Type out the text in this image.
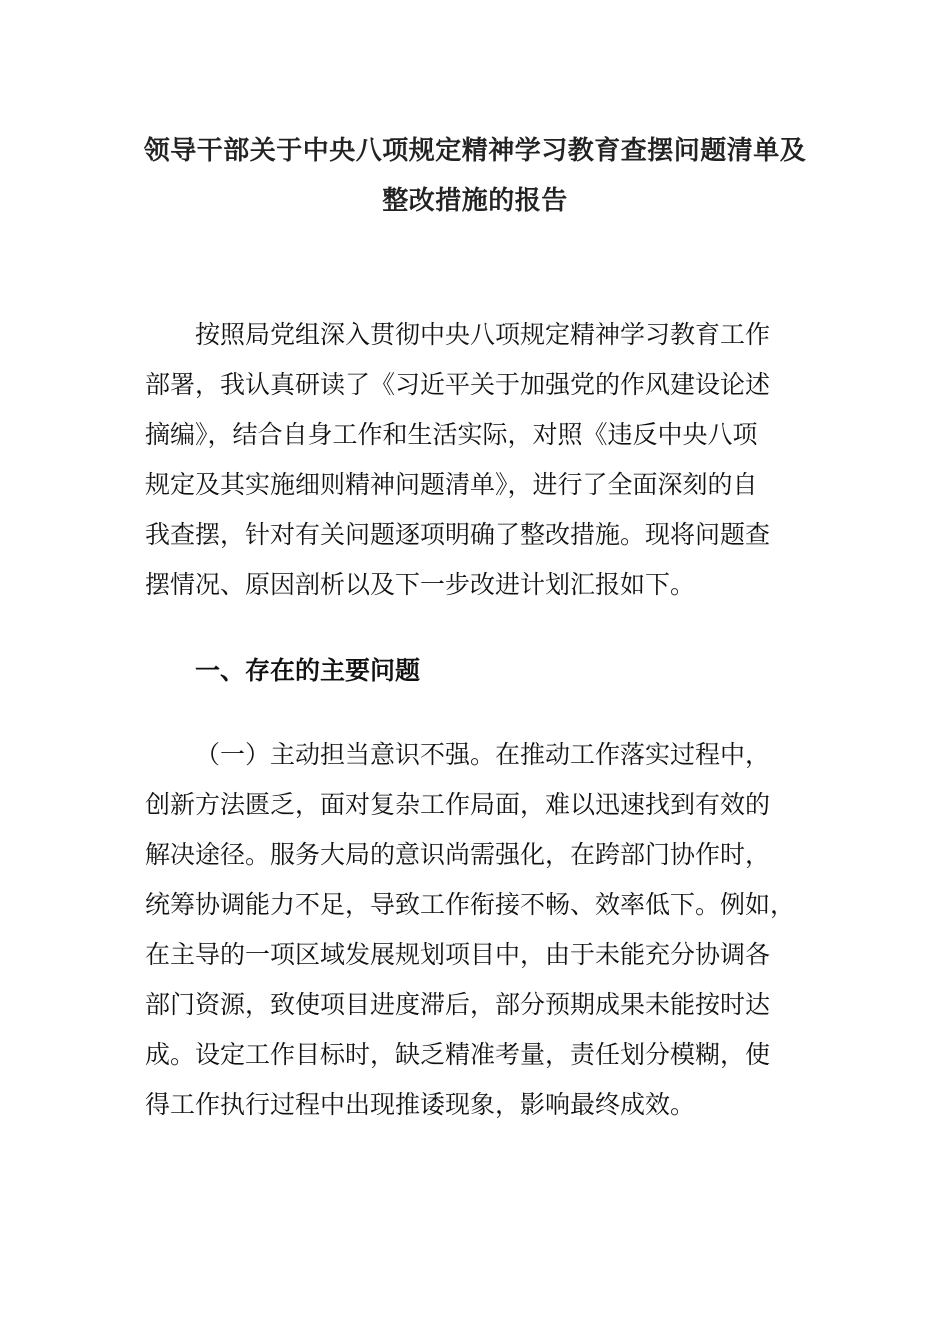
领导干部关于中央八项规定精神学习教育查摆问题清单及
整改措施的报告

按照局党组深入贯彻中央八项规定精神学习教育工作
部署，我认真研读了《习近平关于加强党的作风建设论述
摘编》，结合自身工作和生活实际，对照《违反中央八项
规定及其实施细则精神问题清单》，进行了全面深刻的自
我查摆，针对有关问题逐项明确了整改措施。现将问题查
摆情况、原因剖析以及下一步改进计划汇报如下。

一、存在的主要问题

（一）主动担当意识不强。在推动工作落实过程中，
创新方法匮乏，面对复杂工作局面，难以迅速找到有效的
解决途径。服务大局的意识尚需强化，在跨部门协作时，
统筹协调能力不足，导致工作衔接不畅、效率低下。例如，
在主导的一项区域发展规划项目中，由于未能充分协调各
部门资源，致使项目进度滞后，部分预期成果未能按时达
成。设定工作目标时，缺乏精准考量，责任划分模糊，使
得工作执行过程中出现推诿现象，影响最终成效。
